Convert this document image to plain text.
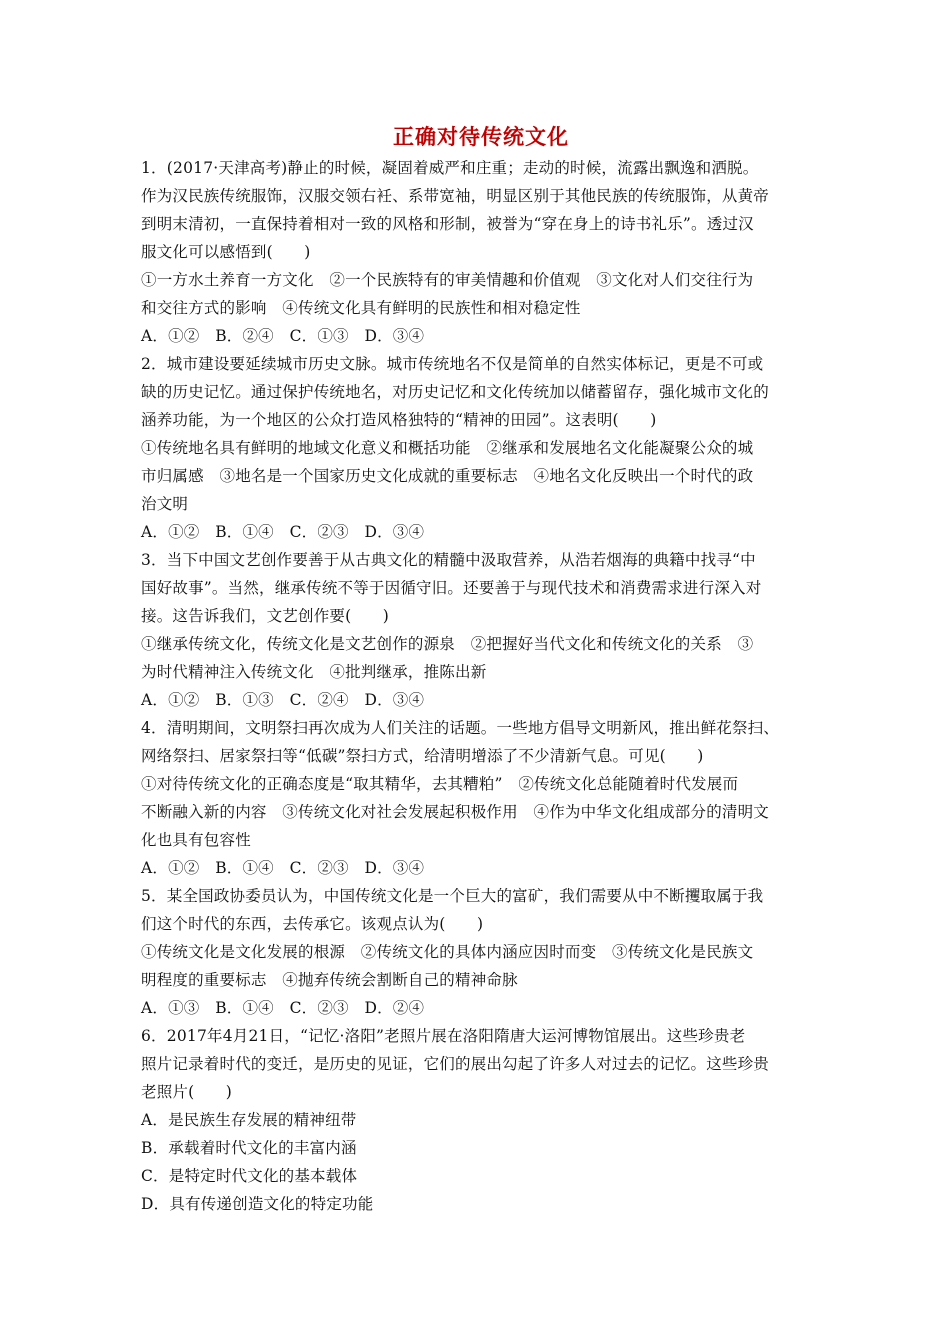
正确对待传统文化
1．(2017·天津高考)静止的时候，凝固着威严和庄重；走动的时候，流露出飘逸和洒脱。
作为汉民族传统服饰，汉服交领右衽、系带宽袖，明显区别于其他民族的传统服饰，从黄帝
到明末清初，一直保持着相对一致的风格和形制，被誉为“穿在身上的诗书礼乐”。透过汉
服文化可以感悟到(　　)
①一方水土养育一方文化　②一个民族特有的审美情趣和价值观　③文化对人们交往行为
和交往方式的影响　④传统文化具有鲜明的民族性和相对稳定性
A．①②　B．②④　C．①③　D．③④
2．城市建设要延续城市历史文脉。城市传统地名不仅是简单的自然实体标记，更是不可或
缺的历史记忆。通过保护传统地名，对历史记忆和文化传统加以储蓄留存，强化城市文化的
涵养功能，为一个地区的公众打造风格独特的“精神的田园”。这表明(　　)
①传统地名具有鲜明的地域文化意义和概括功能　②继承和发展地名文化能凝聚公众的城
市归属感　③地名是一个国家历史文化成就的重要标志　④地名文化反映出一个时代的政
治文明
A．①②　B．①④　C．②③　D．③④
3．当下中国文艺创作要善于从古典文化的精髓中汲取营养，从浩若烟海的典籍中找寻“中
国好故事”。当然，继承传统不等于因循守旧。还要善于与现代技术和消费需求进行深入对
接。这告诉我们，文艺创作要(　　)
①继承传统文化，传统文化是文艺创作的源泉　②把握好当代文化和传统文化的关系　③
为时代精神注入传统文化　④批判继承，推陈出新
A．①②　B．①③　C．②④　D．③④
4．清明期间，文明祭扫再次成为人们关注的话题。一些地方倡导文明新风，推出鲜花祭扫、
网络祭扫、居家祭扫等“低碳”祭扫方式，给清明增添了不少清新气息。可见(　　)
①对待传统文化的正确态度是“取其精华，去其糟粕”　②传统文化总能随着时代发展而
不断融入新的内容　③传统文化对社会发展起积极作用　④作为中华文化组成部分的清明文
化也具有包容性
A．①②　B．①④　C．②③　D．③④
5．某全国政协委员认为，中国传统文化是一个巨大的富矿，我们需要从中不断攫取属于我
们这个时代的东西，去传承它。该观点认为(　　)
①传统文化是文化发展的根源　②传统文化的具体内涵应因时而变　③传统文化是民族文
明程度的重要标志　④抛弃传统会割断自己的精神命脉
A．①③　B．①④　C．②③　D．②④
6．2017年4月21日，“记忆·洛阳”老照片展在洛阳隋唐大运河博物馆展出。这些珍贵老
照片记录着时代的变迁，是历史的见证，它们的展出勾起了许多人对过去的记忆。这些珍贵
老照片(　　)
A．是民族生存发展的精神纽带
B．承载着时代文化的丰富内涵
C．是特定时代文化的基本载体
D．具有传递创造文化的特定功能
